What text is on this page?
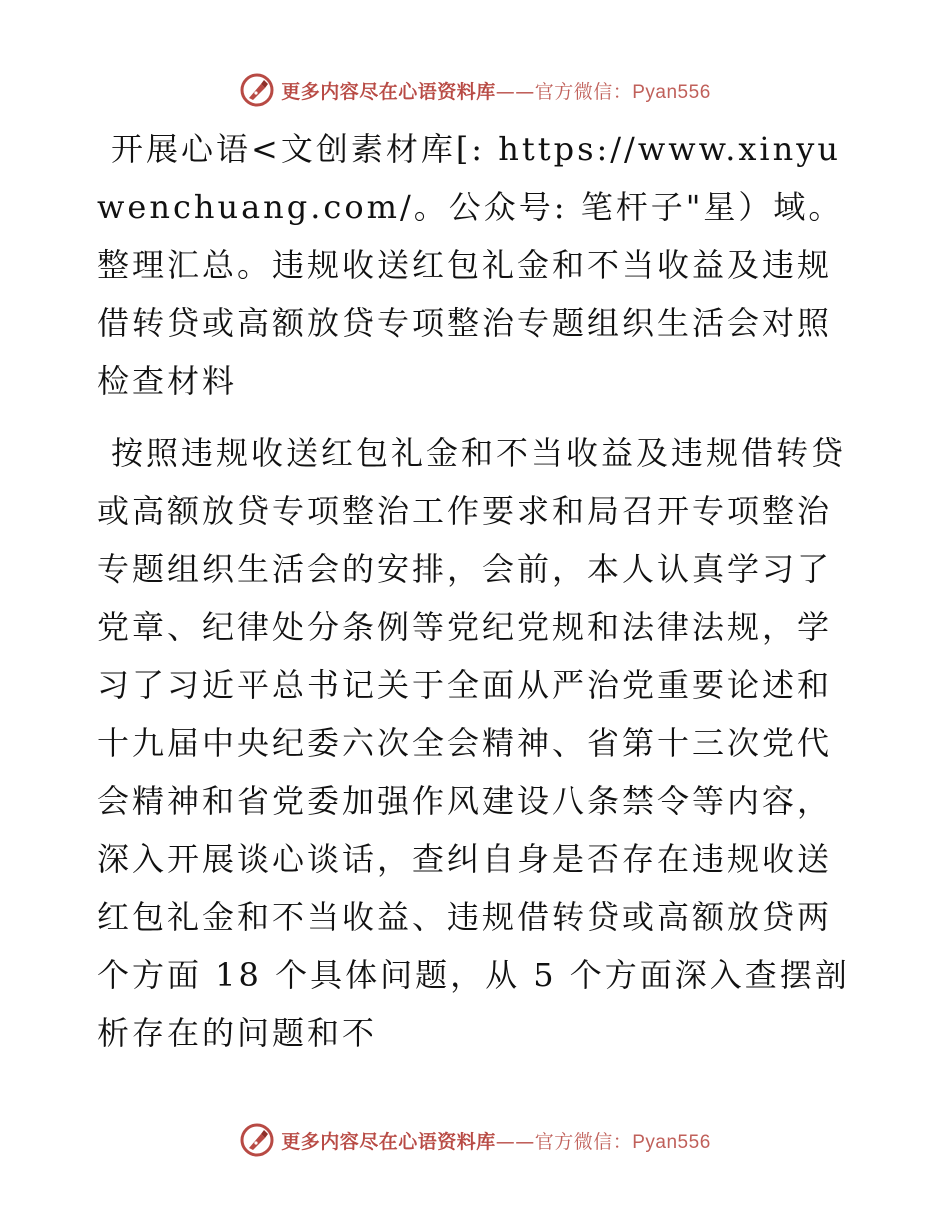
更多内容尽在心语资料库——官方微信：Pyan556

开展心语<文创素材库[: https://www.xinyuwenchuang.com/。公众号: 笔杆子"星）域。整理汇总。违规收送红包礼金和不当收益及违规借转贷或高额放贷专项整治专题组织生活会对照检查材料

按照违规收送红包礼金和不当收益及违规借转贷或高额放贷专项整治工作要求和局召开专项整治专题组织生活会的安排，会前，本人认真学习了党章、纪律处分条例等党纪党规和法律法规，学习了习近平总书记关于全面从严治党重要论述和十九届中央纪委六次全会精神、省第十三次党代会精神和省党委加强作风建设八条禁令等内容，深入开展谈心谈话，查纠自身是否存在违规收送红包礼金和不当收益、违规借转贷或高额放贷两个方面 18 个具体问题，从 5 个方面深入查摆剖析存在的问题和不

更多内容尽在心语资料库——官方微信：Pyan556
